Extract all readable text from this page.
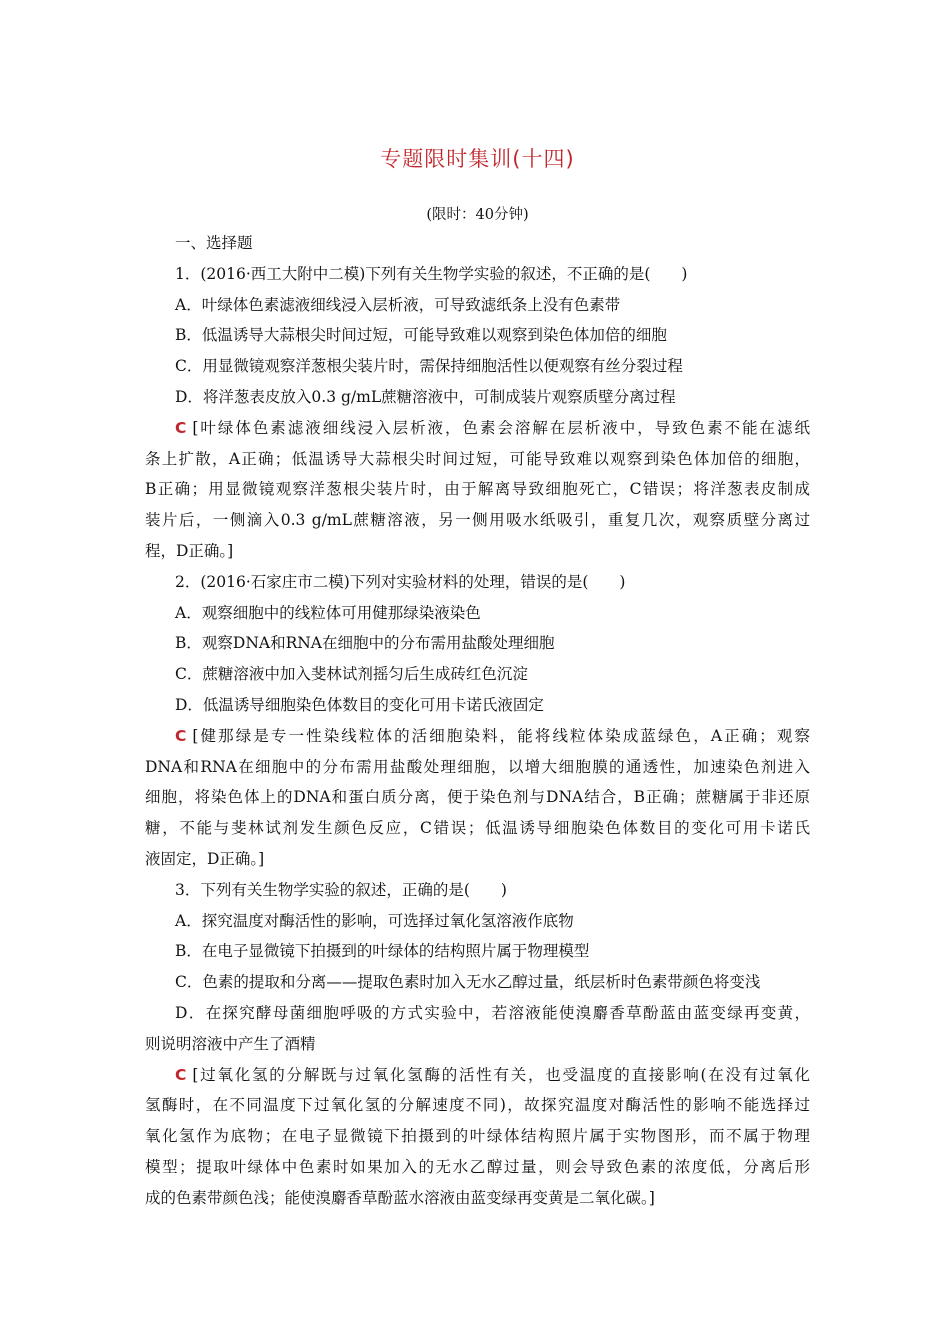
专题限时集训(十四)
(限时：40分钟)
一、选择题
1．(2016·西工大附中二模)下列有关生物学实验的叙述，不正确的是(　　)
A．叶绿体色素滤液细线浸入层析液，可导致滤纸条上没有色素带
B．低温诱导大蒜根尖时间过短，可能导致难以观察到染色体加倍的细胞
C．用显微镜观察洋葱根尖装片时，需保持细胞活性以便观察有丝分裂过程
D．将洋葱表皮放入0.3 g/mL蔗糖溶液中，可制成装片观察质壁分离过程
C [叶绿体色素滤液细线浸入层析液，色素会溶解在层析液中，导致色素不能在滤纸
条上扩散，A正确；低温诱导大蒜根尖时间过短，可能导致难以观察到染色体加倍的细胞，
B正确；用显微镜观察洋葱根尖装片时，由于解离导致细胞死亡，C错误；将洋葱表皮制成
装片后，一侧滴入0.3 g/mL蔗糖溶液，另一侧用吸水纸吸引，重复几次，观察质壁分离过
程，D正确。]
2．(2016·石家庄市二模)下列对实验材料的处理，错误的是(　　)
A．观察细胞中的线粒体可用健那绿染液染色
B．观察DNA和RNA在细胞中的分布需用盐酸处理细胞
C．蔗糖溶液中加入斐林试剂摇匀后生成砖红色沉淀
D．低温诱导细胞染色体数目的变化可用卡诺氏液固定
C [健那绿是专一性染线粒体的活细胞染料，能将线粒体染成蓝绿色，A正确；观察
DNA和RNA在细胞中的分布需用盐酸处理细胞，以增大细胞膜的通透性，加速染色剂进入
细胞，将染色体上的DNA和蛋白质分离，便于染色剂与DNA结合，B正确；蔗糖属于非还原
糖，不能与斐林试剂发生颜色反应，C错误；低温诱导细胞染色体数目的变化可用卡诺氏
液固定，D正确。]
3．下列有关生物学实验的叙述，正确的是(　　)
A．探究温度对酶活性的影响，可选择过氧化氢溶液作底物
B．在电子显微镜下拍摄到的叶绿体的结构照片属于物理模型
C．色素的提取和分离——提取色素时加入无水乙醇过量，纸层析时色素带颜色将变浅
D．在探究酵母菌细胞呼吸的方式实验中，若溶液能使溴麝香草酚蓝由蓝变绿再变黄，
则说明溶液中产生了酒精
C [过氧化氢的分解既与过氧化氢酶的活性有关，也受温度的直接影响(在没有过氧化
氢酶时，在不同温度下过氧化氢的分解速度不同)，故探究温度对酶活性的影响不能选择过
氧化氢作为底物；在电子显微镜下拍摄到的叶绿体结构照片属于实物图形，而不属于物理
模型；提取叶绿体中色素时如果加入的无水乙醇过量，则会导致色素的浓度低，分离后形
成的色素带颜色浅；能使溴麝香草酚蓝水溶液由蓝变绿再变黄是二氧化碳。]
